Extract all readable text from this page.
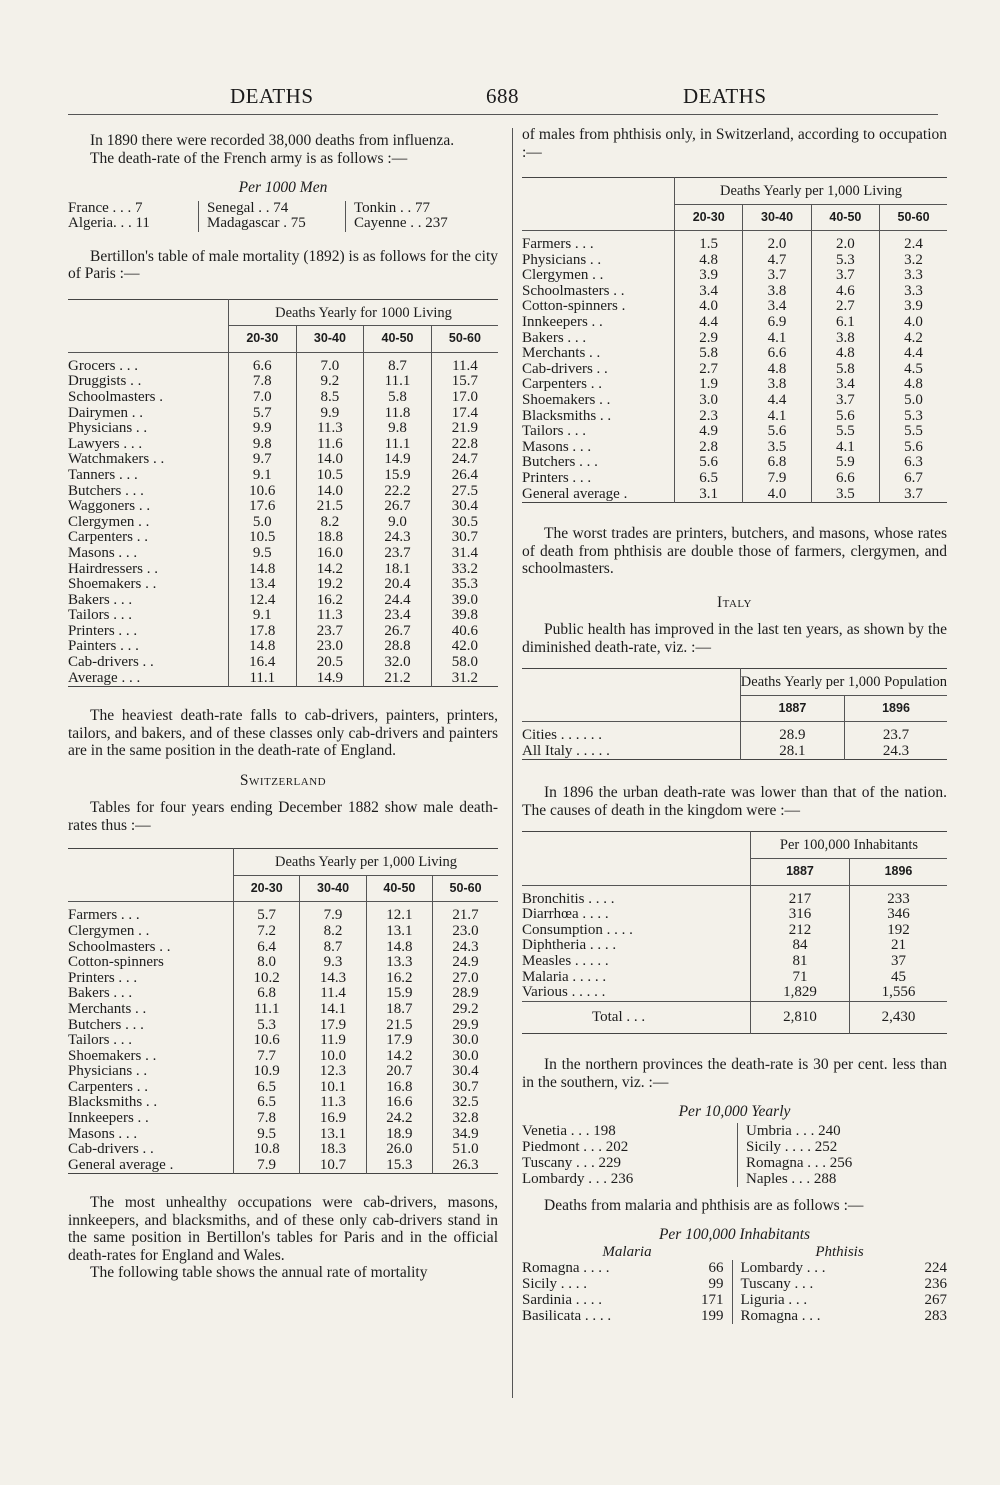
DEATHS	688	DEATHS

In 1890 there were recorded 38,000 deaths from influenza.

The death-rate of the French army is as follows :—

Per 1000 Men
France . . . 7	Senegal . . 74	Tonkin . . 77
Algeria. . . 11	Madagascar . 75	Cayenne . . 237

Bertillon's table of male mortality (1892) is as follows for the city of Paris :—

	Deaths Yearly for 1000 Living			
	20-30	30-40	40-50	50-60

Grocers . . .	6.6	7.0	8.7	11.4
Druggists . .	7.8	9.2	11.1	15.7
Schoolmasters .	7.0	8.5	5.8	17.0
Dairymen . .	5.7	9.9	11.8	17.4
Physicians . .	9.9	11.3	9.8	21.9
Lawyers . . .	9.8	11.6	11.1	22.8
Watchmakers . .	9.7	14.0	14.9	24.7
Tanners . . .	9.1	10.5	15.9	26.4
Butchers . . .	10.6	14.0	22.2	27.5
Waggoners . .	17.6	21.5	26.7	30.4
Clergymen . .	5.0	8.2	9.0	30.5
Carpenters . .	10.5	18.8	24.3	30.7
Masons . . .	9.5	16.0	23.7	31.4
Hairdressers . .	14.8	14.2	18.1	33.2
Shoemakers . .	13.4	19.2	20.4	35.3
Bakers . . .	12.4	16.2	24.4	39.0
Tailors . . .	9.1	11.3	23.4	39.8
Printers . . .	17.8	23.7	26.7	40.6
Painters . . .	14.8	23.0	28.8	42.0
Cab-drivers . .	16.4	20.5	32.0	58.0
Average . . .	11.1	14.9	21.2	31.2

The heaviest death-rate falls to cab-drivers, painters, printers, tailors, and bakers, and of these classes only cab-drivers and painters are in the same position in the death-rate of England.

Switzerland

Tables for four years ending December 1882 show male death-rates thus :—

	Deaths Yearly per 1,000 Living			
	20-30	30-40	40-50	50-60

Farmers . . .	5.7	7.9	12.1	21.7
Clergymen . .	7.2	8.2	13.1	23.0
Schoolmasters . .	6.4	8.7	14.8	24.3
Cotton-spinners	8.0	9.3	13.3	24.9
Printers . . .	10.2	14.3	16.2	27.0
Bakers . . .	6.8	11.4	15.9	28.9
Merchants . .	11.1	14.1	18.7	29.2
Butchers . . .	5.3	17.9	21.5	29.9
Tailors . . .	10.6	11.9	17.9	30.0
Shoemakers . .	7.7	10.0	14.2	30.0
Physicians . .	10.9	12.3	20.7	30.4
Carpenters . .	6.5	10.1	16.8	30.7
Blacksmiths . .	6.5	11.3	16.6	32.5
Innkeepers . .	7.8	16.9	24.2	32.8
Masons . . .	9.5	13.1	18.9	34.9
Cab-drivers . .	10.8	18.3	26.0	51.0
General average .	7.9	10.7	15.3	26.3

The most unhealthy occupations were cab-drivers, masons, innkeepers, and blacksmiths, and of these only cab-drivers stand in the same position in Bertillon's tables for Paris and in the official death-rates for England and Wales.

The following table shows the annual rate of mortality

of males from phthisis only, in Switzerland, according to occupation :—

	Deaths Yearly per 1,000 Living			
	20-30	30-40	40-50	50-60

Farmers . . .	1.5	2.0	2.0	2.4
Physicians . .	4.8	4.7	5.3	3.2
Clergymen . .	3.9	3.7	3.7	3.3
Schoolmasters . .	3.4	3.8	4.6	3.3
Cotton-spinners .	4.0	3.4	2.7	3.9
Innkeepers . .	4.4	6.9	6.1	4.0
Bakers . . .	2.9	4.1	3.8	4.2
Merchants . .	5.8	6.6	4.8	4.4
Cab-drivers . .	2.7	4.8	5.8	4.5
Carpenters . .	1.9	3.8	3.4	4.8
Shoemakers . .	3.0	4.4	3.7	5.0
Blacksmiths . .	2.3	4.1	5.6	5.3
Tailors . . .	4.9	5.6	5.5	5.5
Masons . . .	2.8	3.5	4.1	5.6
Butchers . . .	5.6	6.8	5.9	6.3
Printers . . .	6.5	7.9	6.6	6.7
General average .	3.1	4.0	3.5	3.7

The worst trades are printers, butchers, and masons, whose rates of death from phthisis are double those of farmers, clergymen, and schoolmasters.

Italy

Public health has improved in the last ten years, as shown by the diminished death-rate, viz. :—

	Deaths Yearly per 1,000 Population	
	1887	1896

Cities . . . . . .	28.9	23.7
All Italy . . . . .	28.1	24.3

In 1896 the urban death-rate was lower than that of the nation. The causes of death in the kingdom were :—

	Per 100,000 Inhabitants	
	1887	1896

Bronchitis . . . .	217	233
Diarrhœa . . . .	316	346
Consumption . . . .	212	192
Diphtheria . . . .	84	21
Measles . . . . .	81	37
Malaria . . . . .	71	45
Various . . . . .	1,829	1,556
Total . . .	2,810	2,430

In the northern provinces the death-rate is 30 per cent. less than in the southern, viz. :—

Per 10,000 Yearly
Venetia . . . 198	Umbria . . . 240
Piedmont . . . 202	Sicily . . . . 252
Tuscany . . . 229	Romagna . . . 256
Lombardy . . . 236	Naples . . . 288

Deaths from malaria and phthisis are as follows :—

Per 100,000 Inhabitants
Malaria	Phthisis
Romagna . . . . 66	Lombardy . . . 224

Sicily . . . . 99	Tuscany . . . 236

Sardinia . . . . 171	Liguria . . . 267

Basilicata . . . . 199	Romagna . . . 283
